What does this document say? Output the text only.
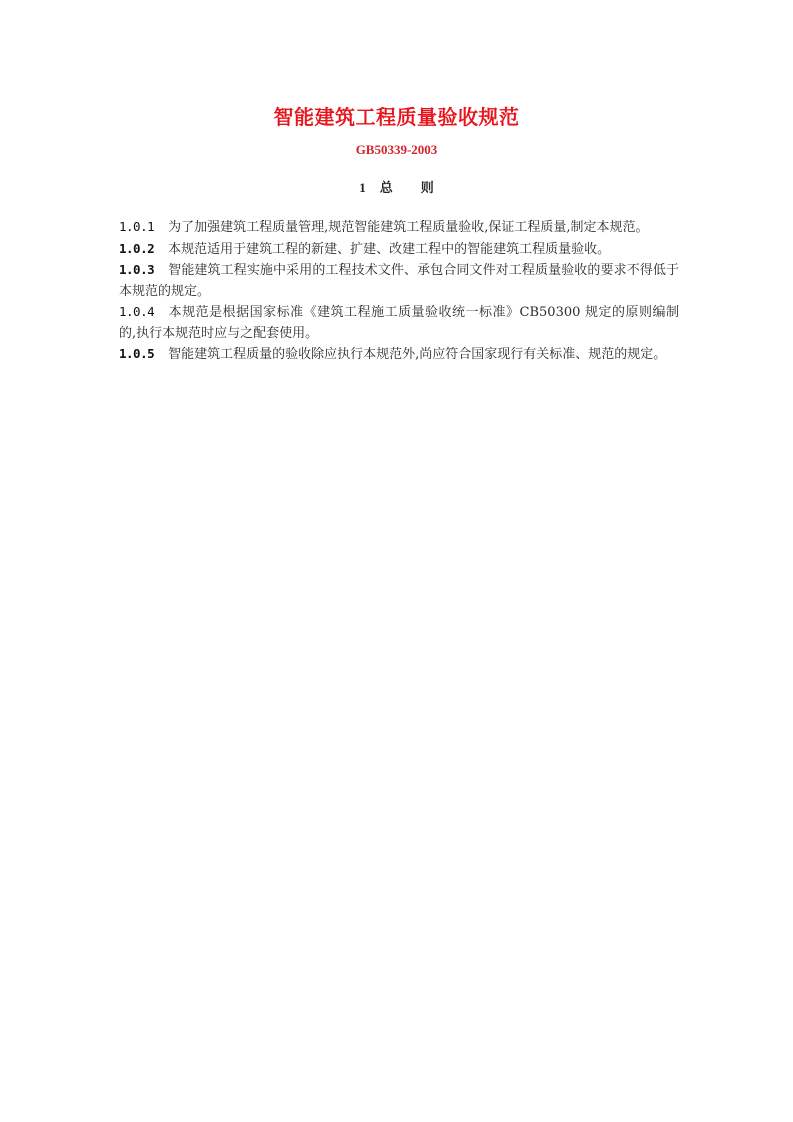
智能建筑工程质量验收规范
GB50339-2003
1 总 则

1.0.1 为了加强建筑工程质量管理,规范智能建筑工程质量验收,保证工程质量,制定本规范。

1.0.2 本规范适用于建筑工程的新建、扩建、改建工程中的智能建筑工程质量验收。

1.0.3 智能建筑工程实施中采用的工程技术文件、承包合同文件对工程质量验收的要求不得低于本规范的规定。

1.0.4 本规范是根据国家标准《建筑工程施工质量验收统一标准》CB50300 规定的原则编制的,执行本规范时应与之配套使用。

1.0.5 智能建筑工程质量的验收除应执行本规范外,尚应符合国家现行有关标准、规范的规定。
